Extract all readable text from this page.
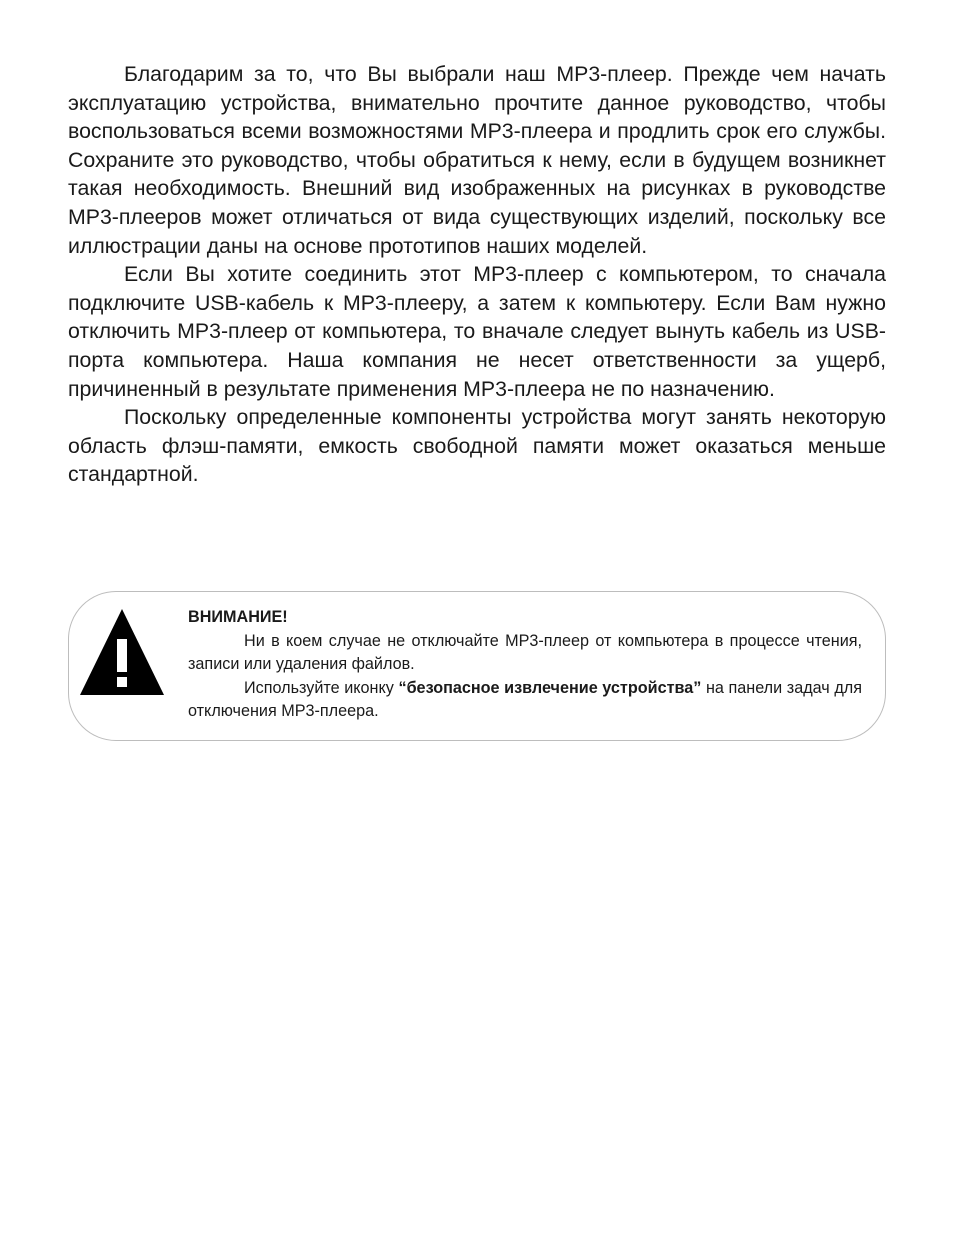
Благодарим за то, что Вы выбрали наш МР3-плеер. Прежде чем начать эксплуатацию устройства, внимательно прочтите данное руководство, чтобы воспользоваться всеми возможностями МР3-плеера и продлить срок его службы. Сохраните это руководство, чтобы обратиться к нему, если в будущем возникнет такая необходимость. Внешний вид изображенных на рисунках в руководстве МР3-плееров может отличаться от вида существующих изделий, поскольку все иллюстрации даны на основе прототипов наших моделей.

Если Вы хотите соединить этот МР3-плеер с компьютером, то сначала подключите USB-кабель к МР3-плееру, а затем к компьютеру. Если Вам нужно отключить МР3-плеер от компьютера, то вначале следует вынуть кабель из USB-порта компьютера. Наша компания не несет ответственности за ущерб, причиненный в результате применения МР3-плеера не по назначению.

Поскольку определенные компоненты устройства могут занять некоторую область флэш-памяти, емкость свободной памяти может оказаться меньше стандартной.

ВНИМАНИЕ!

Ни в коем случае не отключайте МР3-плеер от компьютера в процессе чтения, записи или удаления файлов.

Используйте иконку “безопасное извлечение устройства” на панели задач для отключения МР3-плеера.
